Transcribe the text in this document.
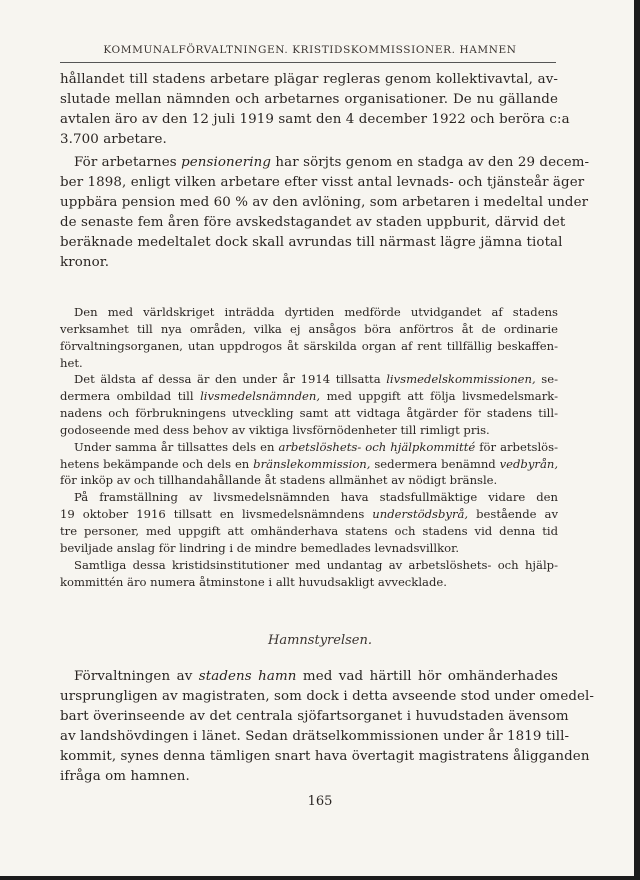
KOMMUNALFÖRVALTNINGEN. KRISTIDSKOMMISSIONER. HAMNEN
hållandet till stadens arbetare plägar regleras genom kollektivavtal, av-
slutade mellan nämnden och arbetarnes organisationer. De nu gällande
avtalen äro av den 12 juli 1919 samt den 4 december 1922 och beröra c:a
3.700 arbetare.
För arbetarnes pensionering har sörjts genom en stadga av den 29 decem-
ber 1898, enligt vilken arbetare efter visst antal levnads- och tjänsteår äger
uppbära pension med 60 % av den avlöning, som arbetaren i medeltal under
de senaste fem åren före avskedstagandet av staden uppburit, därvid det
beräknade medeltalet dock skall avrundas till närmast lägre jämna tiotal
kronor.
Den med världskriget inträdda dyrtiden medförde utvidgandet af stadens
verksamhet till nya områden, vilka ej ansågos böra anförtros åt de ordinarie
förvaltningsorganen, utan uppdrogos åt särskilda organ af rent tillfällig beskaffen-
het.
Det äldsta af dessa är den under år 1914 tillsatta livsmedelskommissionen, se-
dermera ombildad till livsmedelsnämnden, med uppgift att följa livsmedelsmark-
nadens och förbrukningens utveckling samt att vidtaga åtgärder för stadens till-
godoseende med dess behov av viktiga livsförnödenheter till rimligt pris.
Under samma år tillsattes dels en arbetslöshets- och hjälpkommitté för arbetslös-
hetens bekämpande och dels en bränslekommission, sedermera benämnd vedbyrån,
för inköp av och tillhandahållande åt stadens allmänhet av nödigt bränsle.
På framställning av livsmedelsnämnden hava stadsfullmäktige vidare den
19 oktober 1916 tillsatt en livsmedelsnämndens understödsbyrå, bestående av
tre personer, med uppgift att omhänderhava statens och stadens vid denna tid
beviljade anslag för lindring i de mindre bemedlades levnadsvillkor.
Samtliga dessa kristidsinstitutioner med undantag av arbetslöshets- och hjälp-
kommittén äro numera åtminstone i allt huvudsakligt avvecklade.
Hamnstyrelsen.
Förvaltningen av stadens hamn med vad härtill hör omhänderhades
ursprungligen av magistraten, som dock i detta avseende stod under omedel-
bart överinseende av det centrala sjöfartsorganet i huvudstaden ävensom
av landshövdingen i länet. Sedan drätselkommissionen under år 1819 till-
kommit, synes denna tämligen snart hava övertagit magistratens åligganden
ifråga om hamnen.
165
